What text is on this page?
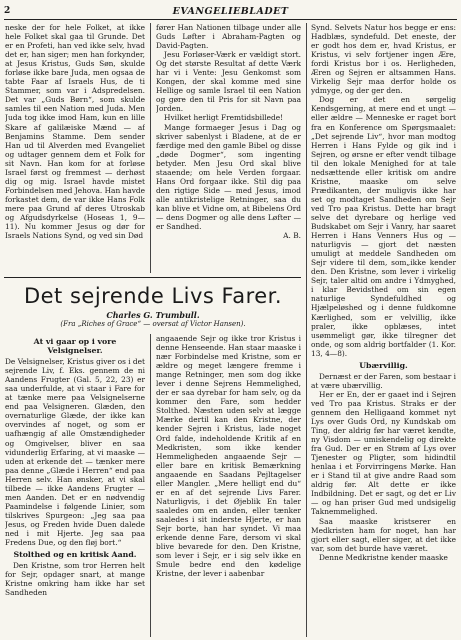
2	EVANGELIEBLADET

neske der for hele Folket, at ikke hele Folket skal gaa til Grunde. Det er en Profeti, han ved ikke selv, hvad det er, han siger; men han forkynder, at Jesus Kristus, Guds Søn, skulde forløse ikke bare Juda, men ogsaa de tabte Faar af Israels Hus, de ti Stammer, som var i Adspredelsen. Det var „Guds Børn“, som skulde samles til een Nation med Juda. Men Juda tog ikke imod Ham, kun en lille Skare af galilæiske Mænd — af Benjamins Stamme. Dem sender Han ud til Alverden med Evangeliet og udtager gennem dem et Folk for sit Navn. Han kom for at forløse Israel først og fremmest — derhøst dig og mig. Israel havde mistet Forbindelsen med Jehova. Han havde forkastet dem, de var ikke Hans Folk mere paa Grund af deres Utroskab og Afgudsdyrkelse (Hoseas 1, 9—11). Nu kommer Jesus og dør for Israels Nations Synd, og ved sin Død

fører Han Nationen tilbage under alle Guds Løfter i Abraham-Pagten og David-Pagten.

Jesu Forløser-Værk er vældigt stort. Og det største Resultat af dette Værk har vi i Vente: Jesu Genkomst som Kongen, der skal komme med sine Hellige og samle Israel til een Nation og gøre den til Pris for sit Navn paa Jorden.

Hvilket herligt Fremtidsbillede!

Mange formaeger Jesus i Dag og skriver sabenlyst i Bladene, at de er færdige med den gamle Bibel og disse „døde Dogmer“, som ingenting betyder. Men Jesu Ord skal blive staaende; om hele Verden forgaar. Hans Ord forgaar ikke. Stil dig paa den rigtige Side — med Jesus, imod alle antikristelige Retninger, saa du kan blive et Vidne om, at Bibelens Ord — dens Dogmer og alle dens Løfter — er Sandhed.

A. B.

Synd. Selvets Natur hos begge er ens: Hadblæs, syndefuld. Det eneste, der er godt hos dem er, hvad Kristus, er Kristus, vi selv fortjener ingen Ære, fordi Kristus bor i os. Herligheden, Æren og Sejren er altsammen Hans. Virkelig Sejr maa derfor holde os ydmyge, og der ger den.

Dog er det en sørgelig Kendsgerning, at mere end et ungt — eller ældre — Menneske er raget bort fra en Konference om Spørgsmaalet: „Det sejrende Liv“, hvor man modtog Herren i Hans Fylde og gik ind i Sejren, og ørsne er efter vendt tilbage til den lokale Menighed for at tale nedsættende eller kritisk om andre Kristne, maaske om selve Prædikanten, der muligvis ikke har set og modtaget Sandheden om Sejr ved Tro paa Kristus. Dette har bragt selve det dyrebare og herlige ved Budskabet om Sejr i Vanry, har saaret Herren i Hans Venners Hus og — naturligvis — gjort det næsten umuligt at meddele Sandheden om Sejr videre til dem, som„ikke kender den. Den Kristne, som lever i virkelig Sejr, taler altid om andre i Ydmyghed, i klar Bevidsthed om sin egen naturlige Syndefuldhed og Hjælpeløshed og i denne fuldkomne Kærlighed, som er velvillig, ikke praler, ikke opblæses, intet usømmeligt gør, ikke tilregner det onde, og som aldrig bortfalder (1. Kor. 13, 4—8).

Ubærvillig.

Dernæst er der Faren, som bestaar i at være ubærvillig.

Her er En, der er gaaet ind i Sejren ved Tro paa Kristus. Straks er der gennem den Helligaand kommet nyt Lys over Guds Ord, ny Kundskab om Ting, der aldrig før har været kendte, ny Visdom — umiskendelig og direkte fra Gud. Der er en Strøm af Lys over Tjenester og Pligter, som hidindtil henlaa i et Forvirringens Mørke. Han er i Stand til at give andre Raad som aldrig før. Alt dette er ikke Indbildning. Det er sagt, og det er Liv — og han priser Gud med undsigelig Taknemmelighed.

Saa maaske kristserer en Medkristen ham for noget, han har gjort eller sagt, eller siger, at det ikke var, som det burde have været.

Denne Medkristne kender maaske

Det sejrende Livs Farer.
Charles G. Trumbull.
(Fra „Riches of Grace“ — oversat af Victor Hansen).

At vi gaar op i vore Velsignelser.

De Velsignelser, Kristus giver os i det sejrende Liv, f. Eks. gennem de ni Aandens Frugter (Gal. 5, 22, 23) er saa underfulde, at vi staar i Fare for at tænke mere paa Velsignelserne end paa Velsigneren. Glæden, den overnaturlige Glæde, der ikke kan overvindes af noget, og som er uafhængig af alle Omstændigheder og Omgivelser, bliver en saa vidunderlig Erfaring, at vi maaske — uden at erkende det — tænker mere paa denne „Glæde i Herren“ end paa Herren selv. Han ønsker, at vi skal tilbede — ikke Aandens Frugter — men Aanden. Det er en nødvendig Paamindelse i følgende Linier, som tilskrives Spurgeon: „Jeg saa paa Jesus, og Freden hvide Duen dalede ned i mit Hjerte. Jeg saa paa Fredens Due, og den fløj bort.“

Stolthed og en kritisk Aand.

Den Kristne, som tror Herren helt for Sejr, opdager snart, at mange Kristne omkring ham ikke har set Sandheden

angaaende Sejr og ikke tror Kristus i denne Henseende. Han staar maaske i nær Forbindelse med Kristne, som er ældre og meget længere fremme i mange Retninger, men som dog ikke lever i denne Sejrens Hemmelighed, der er saa dyrebar for ham selv, og da kommer den Fare, som hedder Stolthed. Næsten uden selv at lægge Mærke dertil kan den Kristne, der kender Sejren i Kristus, lade noget Ord falde, indeholdende Kritik af en Medkristen, som ikke kender Hemmeligheden angaaende Sejr — eller bare en kritisk Bemærkning angaaende en Saadans Pejltagelser eller Mangler. „Mere helligt end du“ er en af det sejrende Livs Farer. Naturligvis, i det Øjeblik En taler saaledes om en anden, eller tænker saaledes i sit inderste Hjerte, er han Sejr borte, han har syndet. Vi maa erkende denne Fare, dersom vi skal blive bevarede for den. Den Kristne, som lever i Sejr, er i sig selv ikke en Smule bedre end den kødelige Kristne, der lever i aabenbar
